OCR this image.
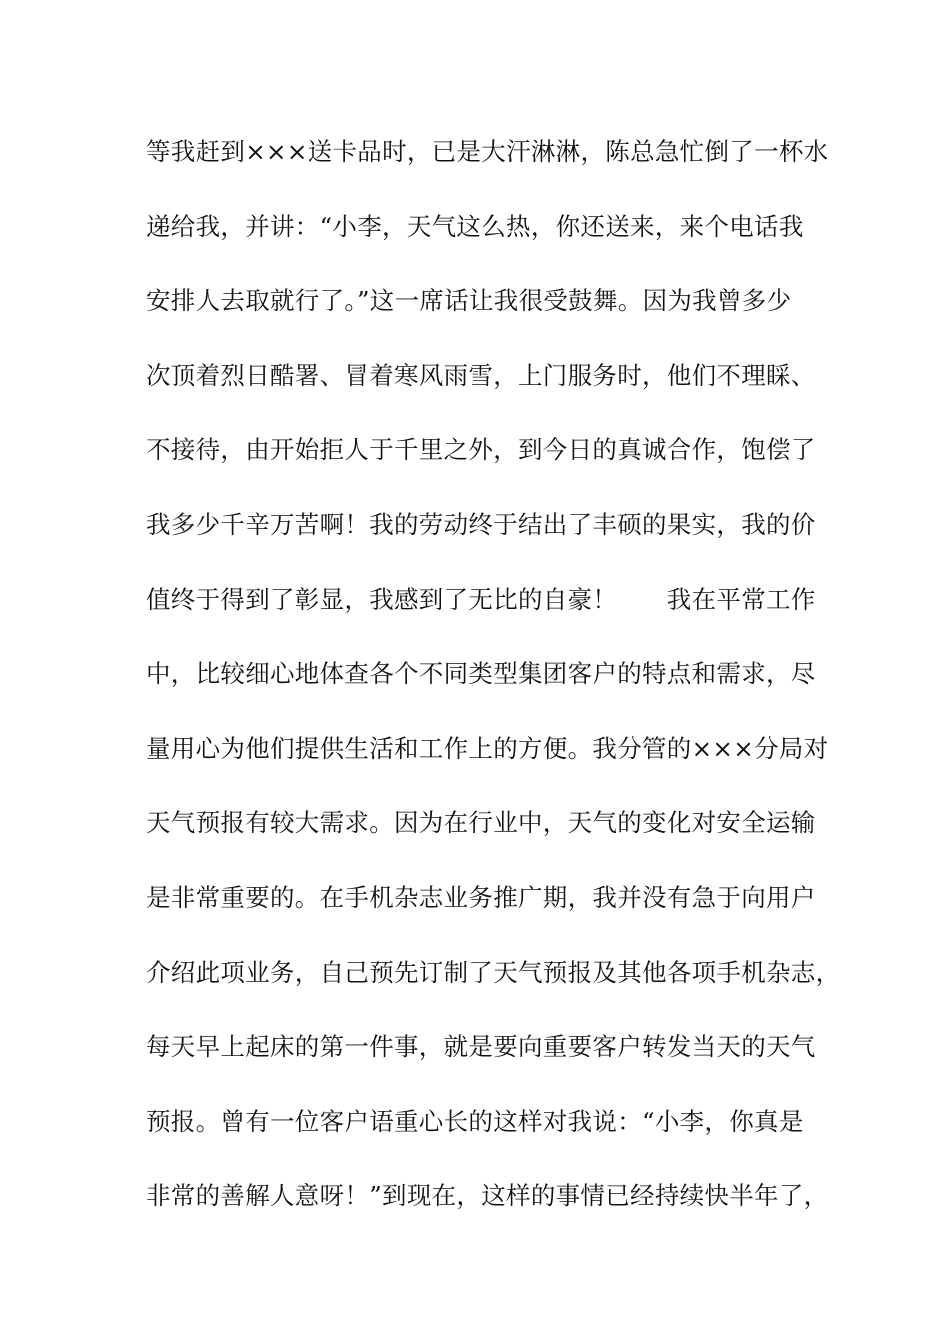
等我赶到×××送卡品时，已是大汗淋淋，陈总急忙倒了一杯水
递给我，并讲：“小李，天气这么热，你还送来，来个电话我
安排人去取就行了。”这一席话让我很受鼓舞。因为我曾多少
次顶着烈日酷署、冒着寒风雨雪，上门服务时，他们不理睬、
不接待，由开始拒人于千里之外，到今日的真诚合作，饱偿了
我多少千辛万苦啊！我的劳动终于结出了丰硕的果实，我的价
值终于得到了彰显，我感到了无比的自豪！　　我在平常工作
中，比较细心地体查各个不同类型集团客户的特点和需求，尽
量用心为他们提供生活和工作上的方便。我分管的×××分局对
天气预报有较大需求。因为在行业中，天气的变化对安全运输
是非常重要的。在手机杂志业务推广期，我并没有急于向用户
介绍此项业务，自己预先订制了天气预报及其他各项手机杂志，
每天早上起床的第一件事，就是要向重要客户转发当天的天气
预报。曾有一位客户语重心长的这样对我说：“小李，你真是
非常的善解人意呀！”到现在，这样的事情已经持续快半年了，
